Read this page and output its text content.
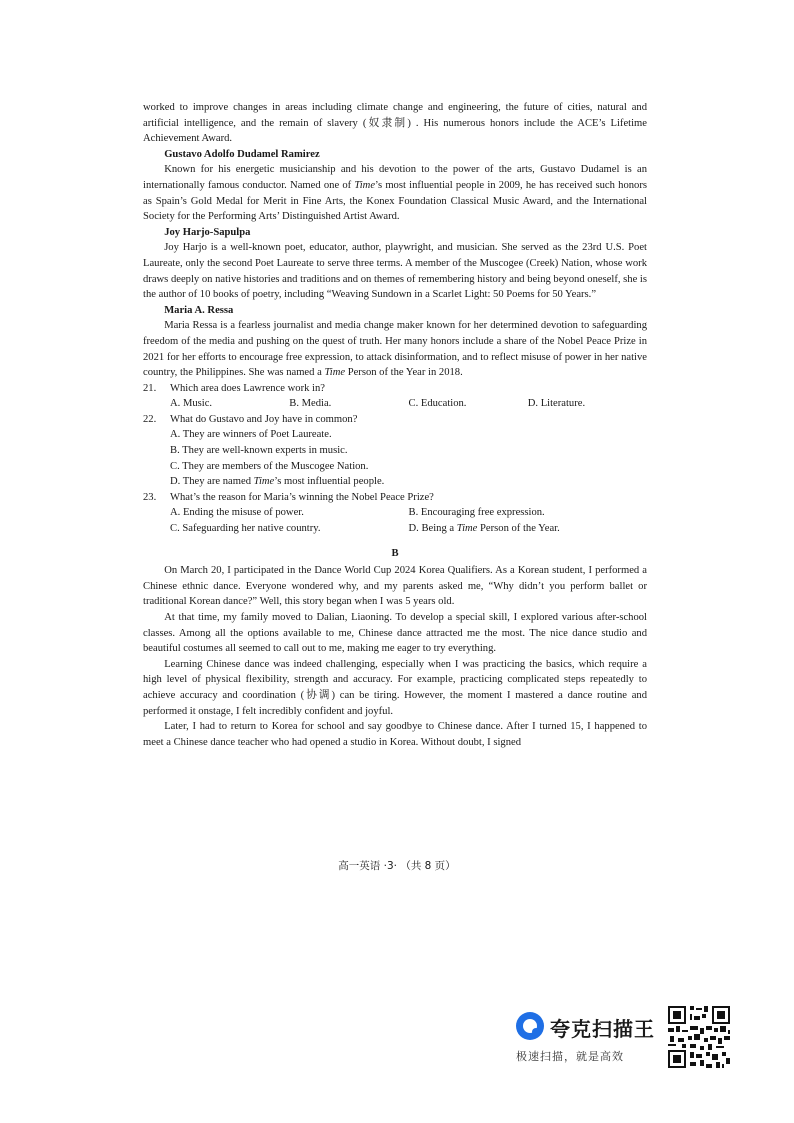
worked to improve changes in areas including climate change and engineering, the future of cities, natural and artificial intelligence, and the remain of slavery (奴隶制) . His numerous honors include the ACE’s Lifetime Achievement Award.

Gustavo Adolfo Dudamel Ramirez

Known for his energetic musicianship and his devotion to the power of the arts, Gustavo Dudamel is an internationally famous conductor. Named one of Time’s most influential people in 2009, he has received such honors as Spain’s Gold Medal for Merit in Fine Arts, the Konex Foundation Classical Music Award, and the International Society for the Performing Arts’ Distinguished Artist Award.

Joy Harjo-Sapulpa

Joy Harjo is a well-known poet, educator, author, playwright, and musician. She served as the 23rd U.S. Poet Laureate, only the second Poet Laureate to serve three terms. A member of the Muscogee (Creek) Nation, whose work draws deeply on native histories and traditions and on themes of remembering history and being beyond oneself, she is the author of 10 books of poetry, including “Weaving Sundown in a Scarlet Light: 50 Poems for 50 Years.”

Maria A. Ressa

Maria Ressa is a fearless journalist and media change maker known for her determined devotion to safeguarding freedom of the media and pushing on the quest of truth. Her many honors include a share of the Nobel Peace Prize in 2021 for her efforts to encourage free expression, to attack disinformation, and to reflect misuse of power in her native country, the Philippines. She was named a Time Person of the Year in 2018.

21. Which area does Lawrence work in?
A. Music.	B. Media.	C. Education.	D. Literature.
22. What do Gustavo and Joy have in common?
A. They are winners of Poet Laureate.
B. They are well-known experts in music.
C. They are members of the Muscogee Nation.
D. They are named Time’s most influential people.
23. What’s the reason for Maria’s winning the Nobel Peace Prize?
A. Ending the misuse of power.	B. Encouraging free expression.
C. Safeguarding her native country.	D. Being a Time Person of the Year.
B

On March 20, I participated in the Dance World Cup 2024 Korea Qualifiers. As a Korean student, I performed a Chinese ethnic dance. Everyone wondered why, and my parents asked me, “Why didn’t you perform ballet or traditional Korean dance?” Well, this story began when I was 5 years old.

At that time, my family moved to Dalian, Liaoning. To develop a special skill, I explored various after-school classes. Among all the options available to me, Chinese dance attracted me the most. The nice dance studio and beautiful costumes all seemed to call out to me, making me eager to try everything.

Learning Chinese dance was indeed challenging, especially when I was practicing the basics, which require a high level of physical flexibility, strength and accuracy. For example, practicing complicated steps repeatedly to achieve accuracy and coordination (协调) can be tiring. However, the moment I mastered a dance routine and performed it onstage, I felt incredibly confident and joyful.

Later, I had to return to Korea for school and say goodbye to Chinese dance. After I turned 15, I happened to meet a Chinese dance teacher who had opened a studio in Korea. Without doubt, I signed

高一英语 ·3· （共 8 页）
夸克扫描王
极速扫描，就是高效
